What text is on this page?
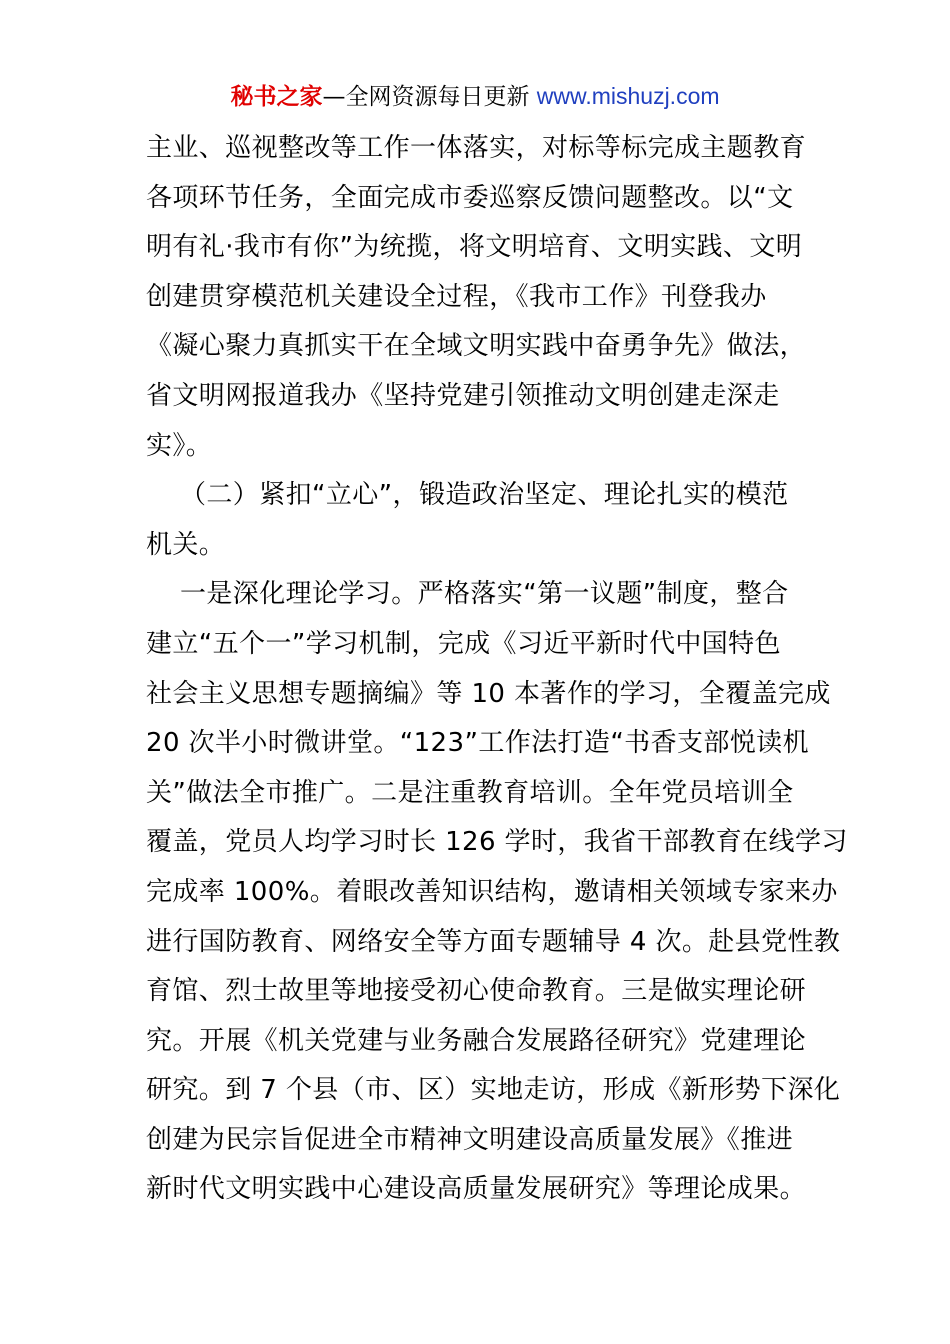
秘书之家—全网资源每日更新 www.mishuzj.com
主业、巡视整改等工作一体落实，对标等标完成主题教育
各项环节任务，全面完成市委巡察反馈问题整改。以“文
明有礼·我市有你”为统揽，将文明培育、文明实践、文明
创建贯穿模范机关建设全过程，《我市工作》刊登我办
《凝心聚力真抓实干在全域文明实践中奋勇争先》做法，
省文明网报道我办《坚持党建引领推动文明创建走深走
实》。
（二）紧扣“立心”，锻造政治坚定、理论扎实的模范
机关。
一是深化理论学习。严格落实“第一议题”制度，整合
建立“五个一”学习机制，完成《习近平新时代中国特色
社会主义思想专题摘编》等 10 本著作的学习，全覆盖完成
20 次半小时微讲堂。“123”工作法打造“书香支部悦读机
关”做法全市推广。二是注重教育培训。全年党员培训全
覆盖，党员人均学习时长 126 学时，我省干部教育在线学习
完成率 100%。着眼改善知识结构，邀请相关领域专家来办
进行国防教育、网络安全等方面专题辅导 4 次。赴县党性教
育馆、烈士故里等地接受初心使命教育。三是做实理论研
究。开展《机关党建与业务融合发展路径研究》党建理论
研究。到 7 个县（市、区）实地走访，形成《新形势下深化
创建为民宗旨促进全市精神文明建设高质量发展》《推进
新时代文明实践中心建设高质量发展研究》等理论成果。
